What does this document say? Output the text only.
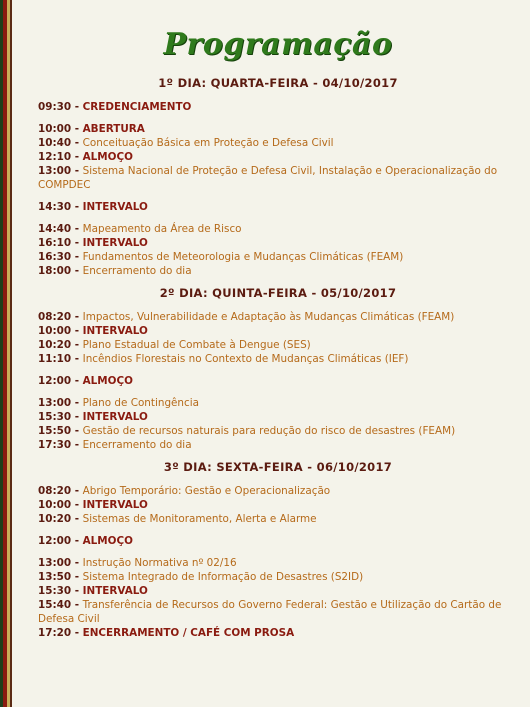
Programação
1º DIA: QUARTA-FEIRA - 04/10/2017
09:30 - CREDENCIAMENTO
10:00 - ABERTURA
10:40 - Conceituação Básica em Proteção e Defesa Civil
12:10 - ALMOÇO
13:00 - Sistema Nacional de Proteção e Defesa Civil, Instalação e Operacionalização do COMPDEC
14:30 - INTERVALO
14:40 - Mapeamento da Área de Risco
16:10 - INTERVALO
16:30 - Fundamentos de Meteorologia e Mudanças Climáticas (FEAM)
18:00 - Encerramento do dia
2º DIA: QUINTA-FEIRA - 05/10/2017
08:20 - Impactos, Vulnerabilidade e Adaptação às Mudanças Climáticas (FEAM)
10:00 - INTERVALO
10:20 - Plano Estadual de Combate à Dengue (SES)
11:10 - Incêndios Florestais no Contexto de Mudanças Climáticas (IEF)
12:00 - ALMOÇO
13:00 - Plano de Contingência
15:30 - INTERVALO
15:50 - Gestão de recursos naturais para redução do risco de desastres (FEAM)
17:30 - Encerramento do dia
3º DIA: SEXTA-FEIRA - 06/10/2017
08:20 - Abrigo Temporário: Gestão e Operacionalização
10:00 - INTERVALO
10:20 - Sistemas de Monitoramento, Alerta e Alarme
12:00 - ALMOÇO
13:00 - Instrução Normativa nº 02/16
13:50 - Sistema Integrado de Informação de Desastres (S2ID)
15:30 - INTERVALO
15:40 - Transferência de Recursos do Governo Federal: Gestão e Utilização do Cartão de Defesa Civil
17:20 - ENCERRAMENTO / CAFÉ COM PROSA
